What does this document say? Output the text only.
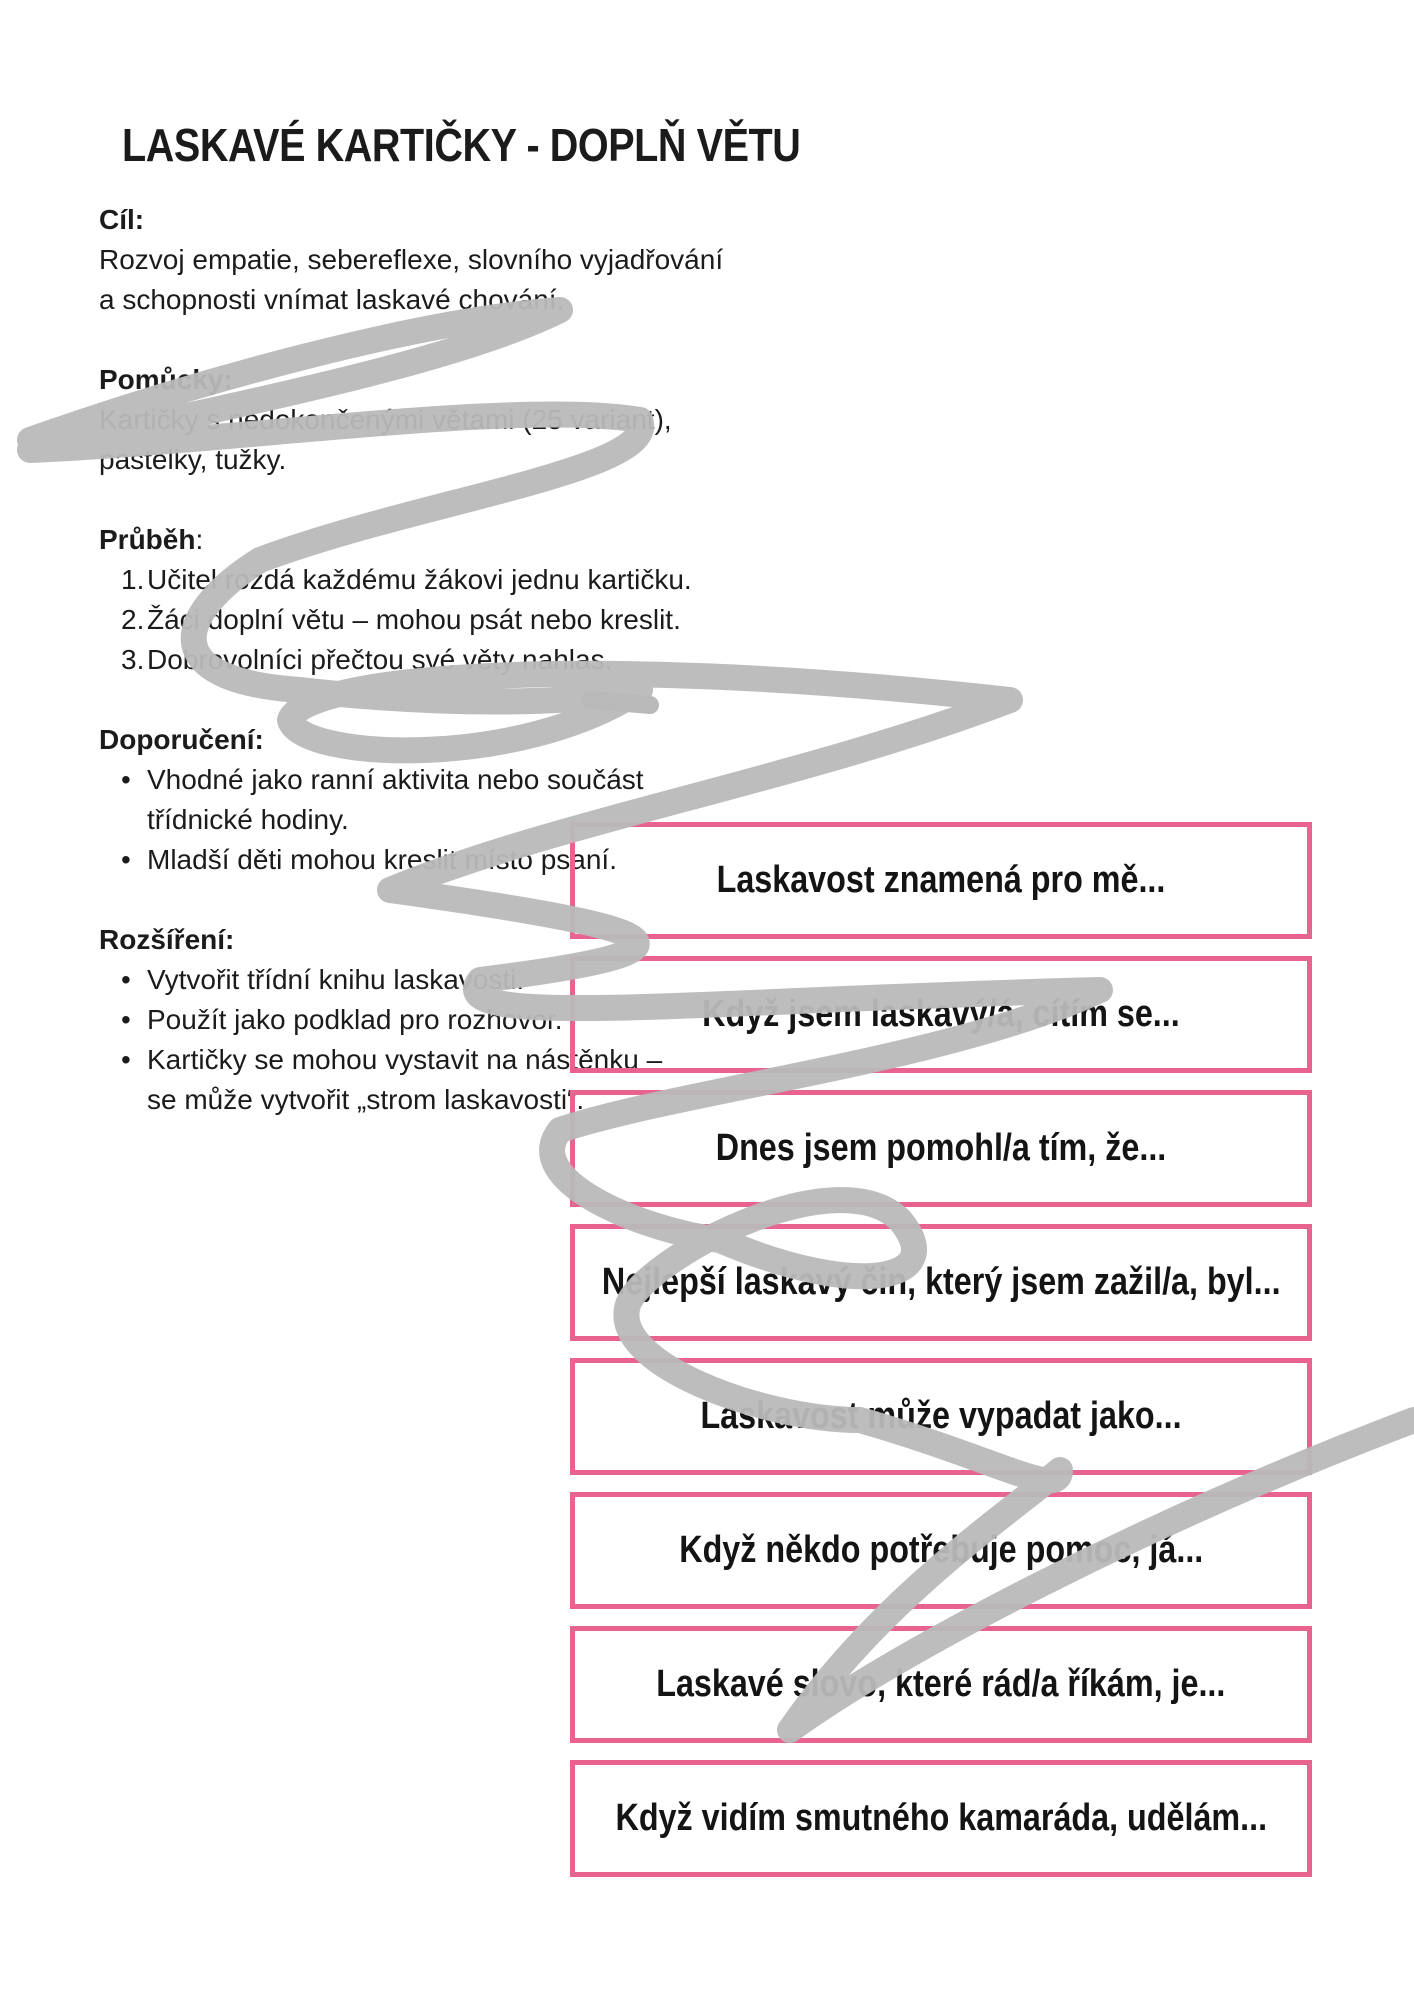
LASKAVÉ KARTIČKY - DOPLŇ VĚTU
Cíl:
Rozvoj empatie, sebereflexe, slovního vyjadřování
a schopnosti vnímat laskavé chování.
Pomůcky:
Kartičky s nedokončenými větami (25 variant),
pastelky, tužky.
Průběh:
1. Učitel rozdá každému žákovi jednu kartičku.
2. Žáci doplní větu – mohou psát nebo kreslit.
3. Dobrovolníci přečtou své věty nahlas.
Doporučení:
• Vhodné jako ranní aktivita nebo součást
třídnické hodiny.
• Mladší děti mohou kreslit místo psaní.
Rozšíření:
• Vytvořit třídní knihu laskavosti.
• Použít jako podklad pro rozhovor.
• Kartičky se mohou vystavit na nástěnku –
se může vytvořit „strom laskavosti“.
Laskavost znamená pro mě...
Když jsem laskavý/á, cítím se...
Dnes jsem pomohl/a tím, že...
Nejlepší laskavý čin, který jsem zažil/a, byl...
Laskavost může vypadat jako...
Když někdo potřebuje pomoc, já...
Laskavé slovo, které rád/a říkám, je...
Když vidím smutného kamaráda, udělám...
